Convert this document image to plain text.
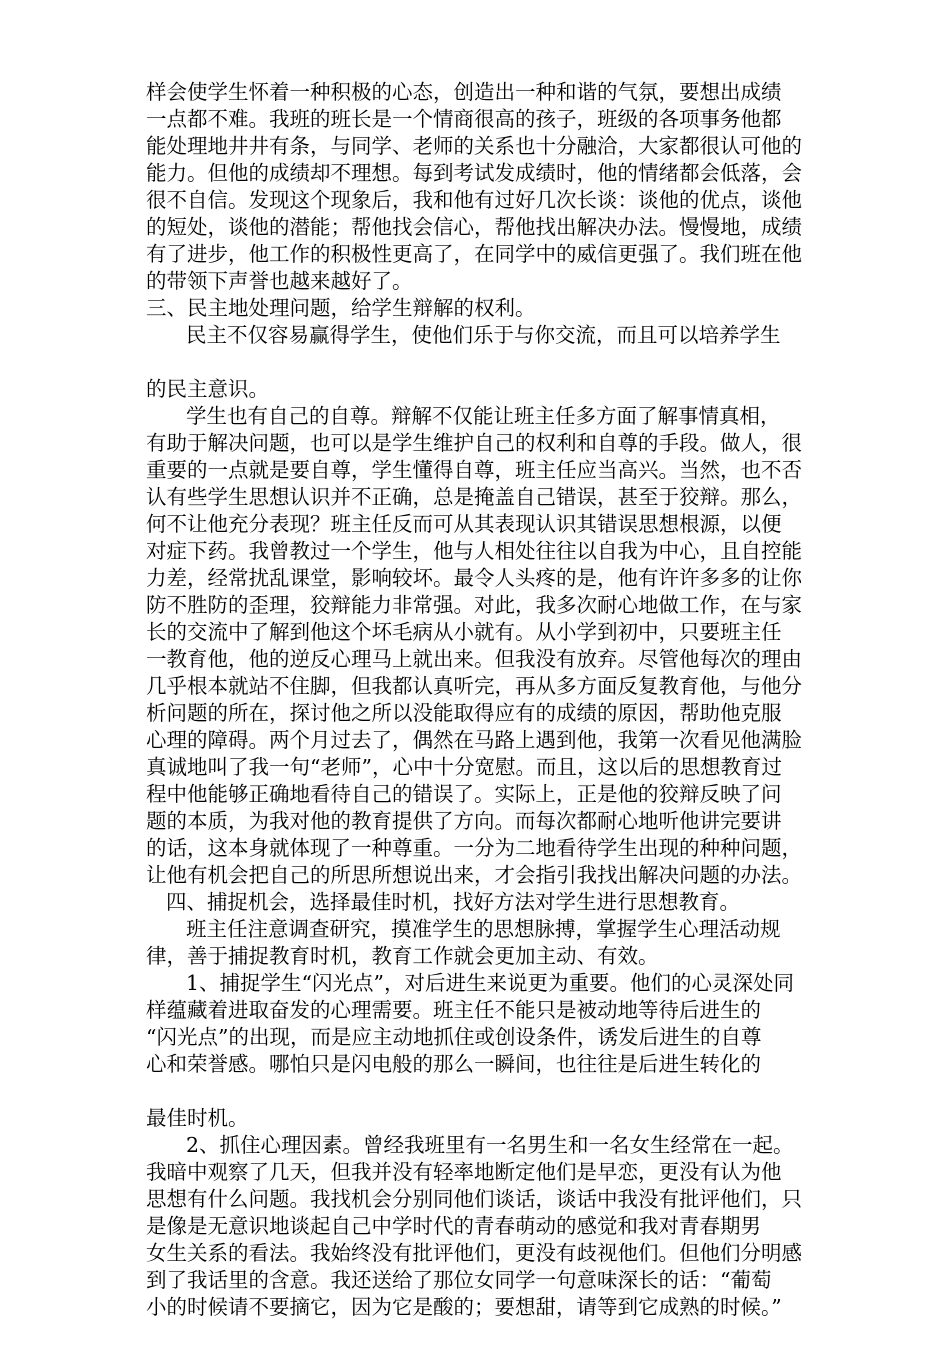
样会使学生怀着一种积极的心态，创造出一种和谐的气氛，要想出成绩
一点都不难。我班的班长是一个情商很高的孩子，班级的各项事务他都
能处理地井井有条，与同学、老师的关系也十分融洽，大家都很认可他的
能力。但他的成绩却不理想。每到考试发成绩时，他的情绪都会低落，会
很不自信。发现这个现象后，我和他有过好几次长谈：谈他的优点，谈他
的短处，谈他的潜能；帮他找会信心，帮他找出解决办法。慢慢地，成绩
有了进步，他工作的积极性更高了，在同学中的威信更强了。我们班在他
的带领下声誉也越来越好了。
三、民主地处理问题，给学生辩解的权利。
民主不仅容易赢得学生，使他们乐于与你交流，而且可以培养学生
的民主意识。
学生也有自己的自尊。辩解不仅能让班主任多方面了解事情真相，
有助于解决问题，也可以是学生维护自己的权利和自尊的手段。做人，很
重要的一点就是要自尊，学生懂得自尊，班主任应当高兴。当然，也不否
认有些学生思想认识并不正确，总是掩盖自己错误，甚至于狡辩。那么，
何不让他充分表现？班主任反而可从其表现认识其错误思想根源，以便
对症下药。我曾教过一个学生，他与人相处往往以自我为中心，且自控能
力差，经常扰乱课堂，影响较坏。最令人头疼的是，他有许许多多的让你
防不胜防的歪理，狡辩能力非常强。对此，我多次耐心地做工作，在与家
长的交流中了解到他这个坏毛病从小就有。从小学到初中，只要班主任
一教育他，他的逆反心理马上就出来。但我没有放弃。尽管他每次的理由
几乎根本就站不住脚，但我都认真听完，再从多方面反复教育他，与他分
析问题的所在，探讨他之所以没能取得应有的成绩的原因，帮助他克服
心理的障碍。两个月过去了，偶然在马路上遇到他，我第一次看见他满脸
真诚地叫了我一句“老师”，心中十分宽慰。而且，这以后的思想教育过
程中他能够正确地看待自己的错误了。实际上，正是他的狡辩反映了问
题的本质，为我对他的教育提供了方向。而每次都耐心地听他讲完要讲
的话，这本身就体现了一种尊重。一分为二地看待学生出现的种种问题，
让他有机会把自己的所思所想说出来，才会指引我找出解决问题的办法。
四、捕捉机会，选择最佳时机，找好方法对学生进行思想教育。
班主任注意调查研究，摸准学生的思想脉搏，掌握学生心理活动规
律，善于捕捉教育时机，教育工作就会更加主动、有效。
1、捕捉学生“闪光点”，对后进生来说更为重要。他们的心灵深处同
样蕴藏着进取奋发的心理需要。班主任不能只是被动地等待后进生的
“闪光点”的出现，而是应主动地抓住或创设条件，诱发后进生的自尊
心和荣誉感。哪怕只是闪电般的那么一瞬间，也往往是后进生转化的
最佳时机。
2、抓住心理因素。曾经我班里有一名男生和一名女生经常在一起。
我暗中观察了几天，但我并没有轻率地断定他们是早恋，更没有认为他
思想有什么问题。我找机会分别同他们谈话，谈话中我没有批评他们，只
是像是无意识地谈起自己中学时代的青春萌动的感觉和我对青春期男
女生关系的看法。我始终没有批评他们，更没有歧视他们。但他们分明感
到了我话里的含意。我还送给了那位女同学一句意味深长的话：“葡萄
小的时候请不要摘它，因为它是酸的；要想甜，请等到它成熟的时候。”
